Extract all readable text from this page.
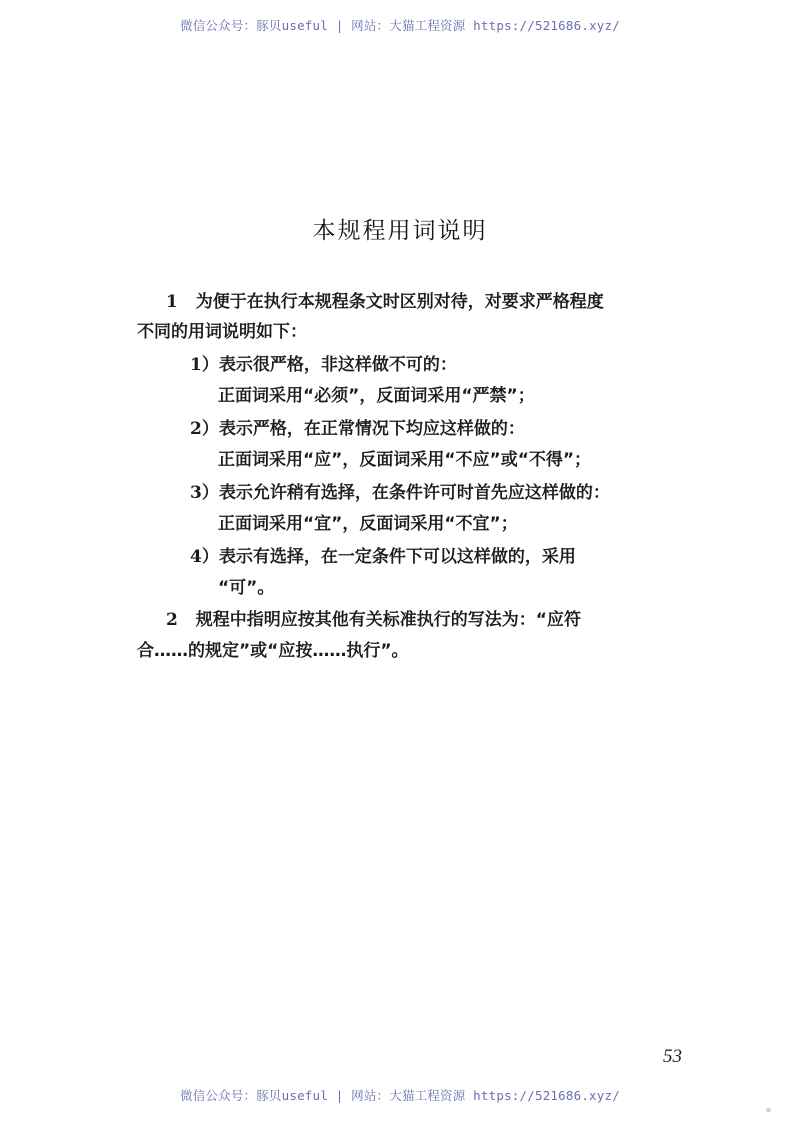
微信公众号：豚贝useful | 网站：大猫工程资源 https://521686.xyz/
本规程用词说明
1 为便于在执行本规程条文时区别对待，对要求严格程度
不同的用词说明如下：
1）表示很严格，非这样做不可的：
正面词采用“必须”，反面词采用“严禁”；
2）表示严格，在正常情况下均应这样做的：
正面词采用“应”，反面词采用“不应”或“不得”；
3）表示允许稍有选择，在条件许可时首先应这样做的：
正面词采用“宜”，反面词采用“不宜”；
4）表示有选择，在一定条件下可以这样做的，采用
“可”。
2 规程中指明应按其他有关标准执行的写法为：“应符
合……的规定”或“应按……执行”。
53
微信公众号：豚贝useful | 网站：大猫工程资源 https://521686.xyz/
▪
